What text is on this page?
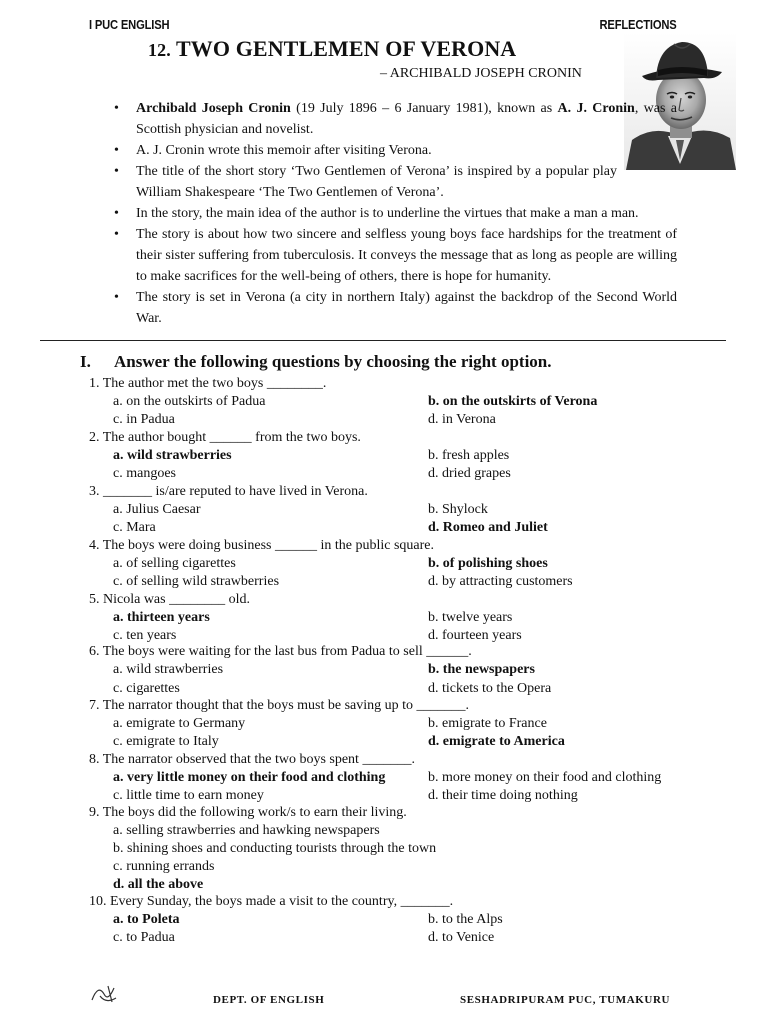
I PUC ENGLISH	REFLECTIONS
12. TWO GENTLEMEN OF VERONA
– ARCHIBALD JOSEPH CRONIN
• Archibald Joseph Cronin (19 July 1896 – 6 January 1981), known as A. J. Cronin, was a Scottish physician and novelist.
• A. J. Cronin wrote this memoir after visiting Verona.
• The title of the short story ‘Two Gentlemen of Verona’ is inspired by a popular play William Shakespeare ‘The Two Gentlemen of Verona’.
• In the story, the main idea of the author is to underline the virtues that make a man a man.
• The story is about how two sincere and selfless young boys face hardships for the treatment of their sister suffering from tuberculosis. It conveys the message that as long as people are willing to make sacrifices for the well-being of others, there is hope for humanity.
• The story is set in Verona (a city in northern Italy) against the backdrop of the Second World War.
I. Answer the following questions by choosing the right option.
1. The author met the two boys ________.
a. on the outskirts of Padua	b. on the outskirts of Verona
c. in Padua	d. in Verona
2. The author bought ______ from the two boys.
a. wild strawberries	b. fresh apples
c. mangoes	d. dried grapes
3. _______ is/are reputed to have lived in Verona.
a. Julius Caesar	b. Shylock
c. Mara	d. Romeo and Juliet
4. The boys were doing business ______ in the public square.
a. of selling cigarettes	b. of polishing shoes
c. of selling wild strawberries	d. by attracting customers
5. Nicola was ________ old.
a. thirteen years	b. twelve years
c. ten years	d. fourteen years
6. The boys were waiting for the last bus from Padua to sell ______.
a. wild strawberries	b. the newspapers
c. cigarettes	d. tickets to the Opera
7. The narrator thought that the boys must be saving up to _______.
a. emigrate to Germany	b. emigrate to France
c. emigrate to Italy	d. emigrate to America
8. The narrator observed that the two boys spent _______.
a. very little money on their food and clothing	b. more money on their food and clothing
c. little time to earn money	d. their time doing nothing
9. The boys did the following work/s to earn their living.
a. selling strawberries and hawking newspapers
b. shining shoes and conducting tourists through the town
c. running errands
d. all the above
10. Every Sunday, the boys made a visit to the country, _______.
a. to Poleta	b. to the Alps
c. to Padua	d. to Venice
DEPT. OF ENGLISH	SESHADRIPURAM PUC, TUMAKURU
